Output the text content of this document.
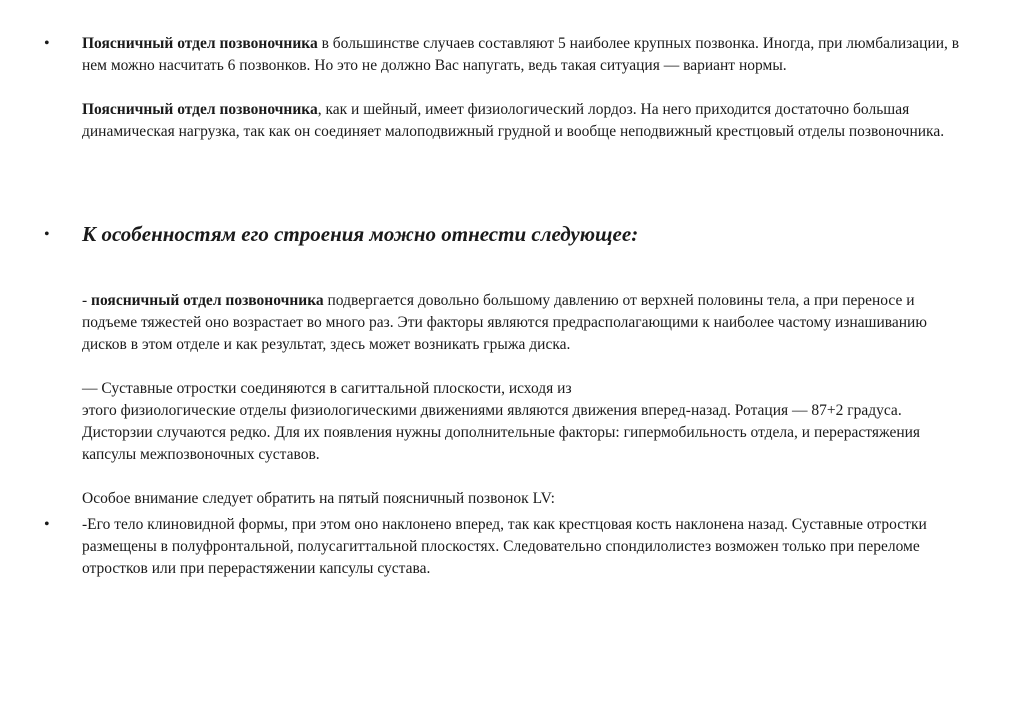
• Поясничный отдел позвоночника в большинстве случаев составляют 5 наиболее крупных позвонка. Иногда, при люмбализации, в нем можно насчитать 6 позвонков. Но это не должно Вас напугать, ведь такая ситуация — вариант нормы.

Поясничный отдел позвоночника, как и шейный, имеет физиологический лордоз. На него приходится достаточно большая динамическая нагрузка, так как он соединяет малоподвижный грудной и вообще неподвижный крестцовый отделы позвоночника.

• К особенностям его строения можно отнести следующее:

- поясничный отдел позвоночника подвергается довольно большому давлению от верхней половины тела, а при переносе и подъеме тяжестей оно возрастает во много раз. Эти факторы являются предрасполагающими к наиболее частому изнашиванию дисков в этом отделе и как результат, здесь может возникать грыжа диска.

— Суставные отростки соединяются в сагиттальной плоскости, исходя из
этого физиологические отделы физиологическими движениями являются движения вперед-назад. Ротация — 87+2 градуса. Дисторзии случаются редко. Для их появления нужны дополнительные факторы: гипермобильность отдела, и перерастяжения капсулы межпозвоночных суставов.

Особое внимание следует обратить на пятый поясничный позвонок LV:

• -Его тело клиновидной формы, при этом оно наклонено вперед, так как крестцовая кость наклонена назад. Суставные отростки размещены в полуфронтальной, полусагиттальной плоскостях. Следовательно спондилолистез возможен только при переломе отростков или при перерастяжении капсулы сустава.
